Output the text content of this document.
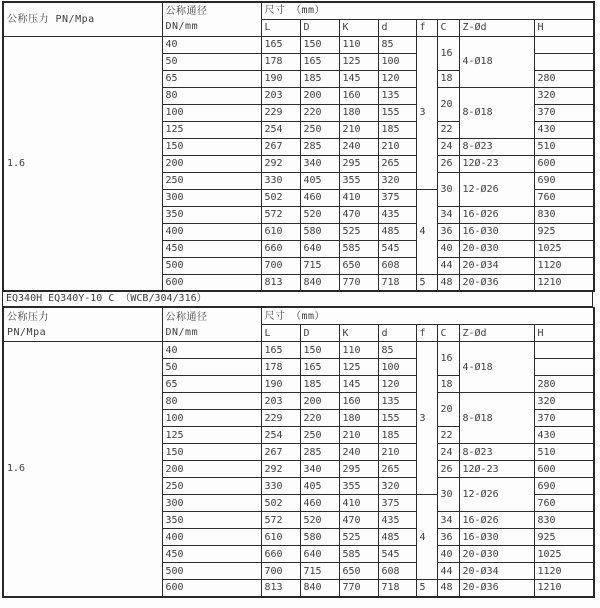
公称压力 PN/Mpa	公称通径
DN/mm	尺寸　（mm）							
		L	D	K	d	f	C	Z-Ød	H
1.6	40	165	150	110	85	3	16	4-Ø18	
	50	178	165	125	100				
	65	190	185	145	120		18		280
	80	203	200	160	135		20	8-Ø18	320
	100	229	220	180	155				370
	125	254	250	210	185		22		430
	150	267	285	240	210		24	8-Ø23	510
	200	292	340	295	265		26	12Ø-23	600
	250	330	405	355	320		30	12-Ø26	690
	300	502	460	410	375	4			760
	350	572	520	470	435		34	16-Ø26	830
	400	610	580	525	485		36	16-Ø30	925
	450	660	640	585	545		40	20-Ø30	1025
	500	700	715	650	608		44	20-Ø34	1120
	600	813	840	770	718	5	48	20-Ø36	1210
EQ340H EQ340Y-10 C （WCB/304/316）
公称压力
PN/Mpa

公称通径
DN/mm
	尺寸　（mm）
		L	D	K	d	f	C	Z-Ød	H
1.6	40	165	150	110	85	3	16	4-Ø18	
	50	178	165	125	100				
	65	190	185	145	120		18		280
	80	203	200	160	135		20	8-Ø18	320
	100	229	220	180	155				370
	125	254	250	210	185		22		430
	150	267	285	240	210		24	8-Ø23	510
	200	292	340	295	265		26	12Ø-23	600
	250	330	405	355	320		30	12-Ø26	690
	300	502	460	410	375	4			760
	350	572	520	470	435		34	16-Ø26	830
	400	610	580	525	485		36	16-Ø30	925
	450	660	640	585	545		40	20-Ø30	1025
	500	700	715	650	608		44	20-Ø34	1120
	600	813	840	770	718	5	48	20-Ø36	1210
